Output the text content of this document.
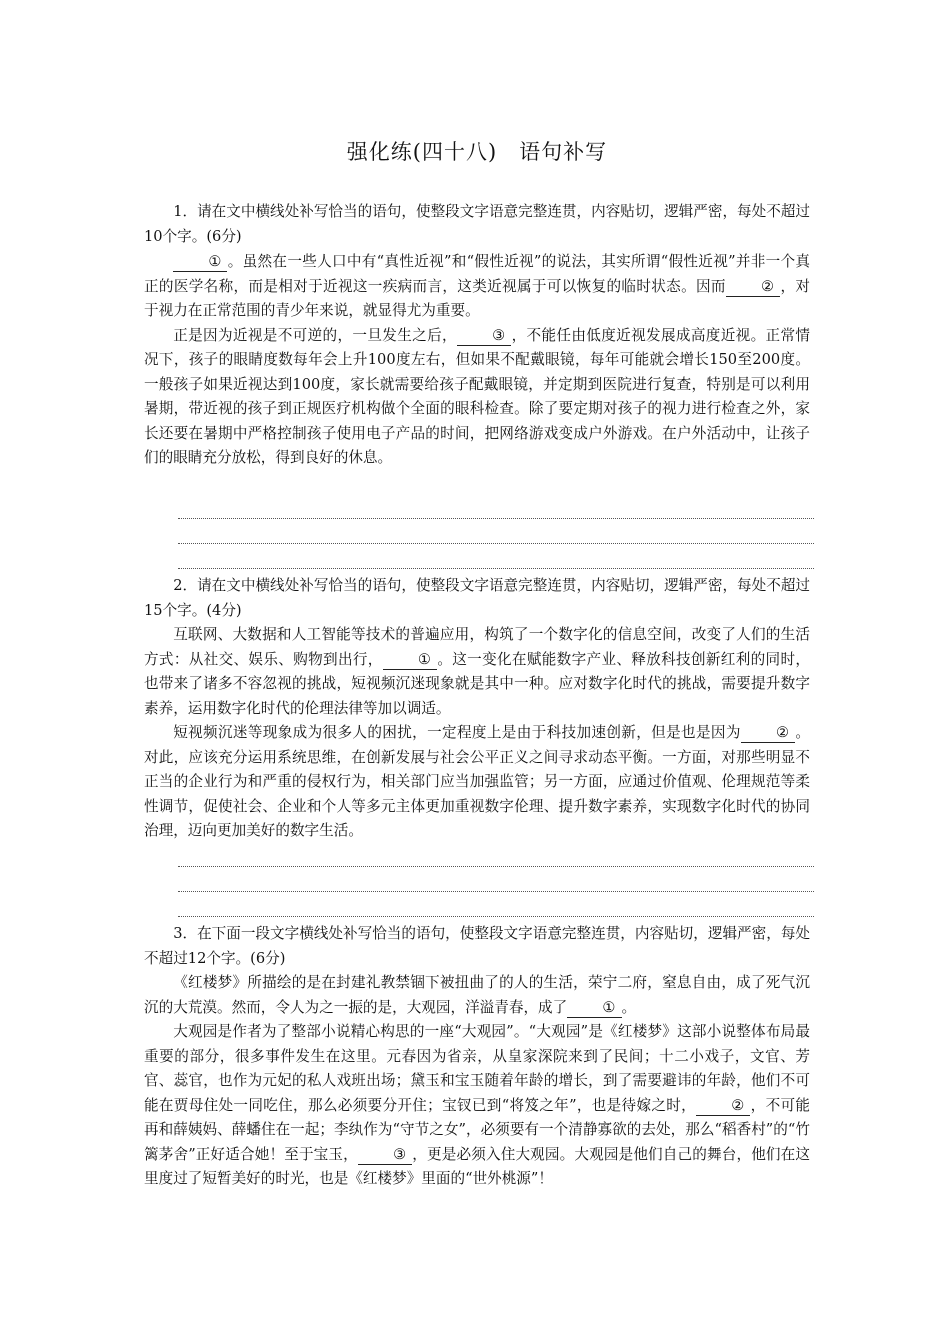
强化练(四十八)　语句补写

1．请在文中横线处补写恰当的语句，使整段文字语意完整连贯，内容贴切，逻辑严密，每处不超过10个字。(6分)

① 。虽然在一些人口中有“真性近视”和“假性近视”的说法，其实所谓“假性近视”并非一个真正的医学名称，而是相对于近视这一疾病而言，这类近视属于可以恢复的临时状态。因而 ② ，对于视力在正常范围的青少年来说，就显得尤为重要。

正是因为近视是不可逆的，一旦发生之后， ③ ，不能任由低度近视发展成高度近视。正常情况下，孩子的眼睛度数每年会上升100度左右，但如果不配戴眼镜，每年可能就会增长150至200度。一般孩子如果近视达到100度，家长就需要给孩子配戴眼镜，并定期到医院进行复查，特别是可以利用暑期，带近视的孩子到正规医疗机构做个全面的眼科检查。除了要定期对孩子的视力进行检查之外，家长还要在暑期中严格控制孩子使用电子产品的时间，把网络游戏变成户外游戏。在户外活动中，让孩子们的眼睛充分放松，得到良好的休息。

2．请在文中横线处补写恰当的语句，使整段文字语意完整连贯，内容贴切，逻辑严密，每处不超过15个字。(4分)

互联网、大数据和人工智能等技术的普遍应用，构筑了一个数字化的信息空间，改变了人们的生活方式：从社交、娱乐、购物到出行， ① 。这一变化在赋能数字产业、释放科技创新红利的同时，也带来了诸多不容忽视的挑战，短视频沉迷现象就是其中一种。应对数字化时代的挑战，需要提升数字素养，运用数字化时代的伦理法律等加以调适。

短视频沉迷等现象成为很多人的困扰，一定程度上是由于科技加速创新，但是也是因为 ② 。对此，应该充分运用系统思维，在创新发展与社会公平正义之间寻求动态平衡。一方面，对那些明显不正当的企业行为和严重的侵权行为，相关部门应当加强监管；另一方面，应通过价值观、伦理规范等柔性调节，促使社会、企业和个人等多元主体更加重视数字伦理、提升数字素养，实现数字化时代的协同治理，迈向更加美好的数字生活。

3．在下面一段文字横线处补写恰当的语句，使整段文字语意完整连贯，内容贴切，逻辑严密，每处不超过12个字。(6分)

《红楼梦》所描绘的是在封建礼教禁锢下被扭曲了的人的生活，荣宁二府，窒息自由，成了死气沉沉的大荒漠。然而，令人为之一振的是，大观园，洋溢青春，成了 ① 。

大观园是作者为了整部小说精心构思的一座“大观园”。“大观园”是《红楼梦》这部小说整体布局最重要的部分，很多事件发生在这里。元春因为省亲，从皇家深院来到了民间；十二小戏子，文官、芳官、蕊官，也作为元妃的私人戏班出场；黛玉和宝玉随着年龄的增长，到了需要避讳的年龄，他们不可能在贾母住处一同吃住，那么必须要分开住；宝钗已到“将笈之年”，也是待嫁之时， ② ，不可能再和薛姨妈、薛蟠住在一起；李纨作为“守节之女”，必须要有一个清静寡欲的去处，那么“稻香村”的“竹篱茅舍”正好适合她！至于宝玉， ③ ，更是必须入住大观园。大观园是他们自己的舞台，他们在这里度过了短暂美好的时光，也是《红楼梦》里面的“世外桃源”！
